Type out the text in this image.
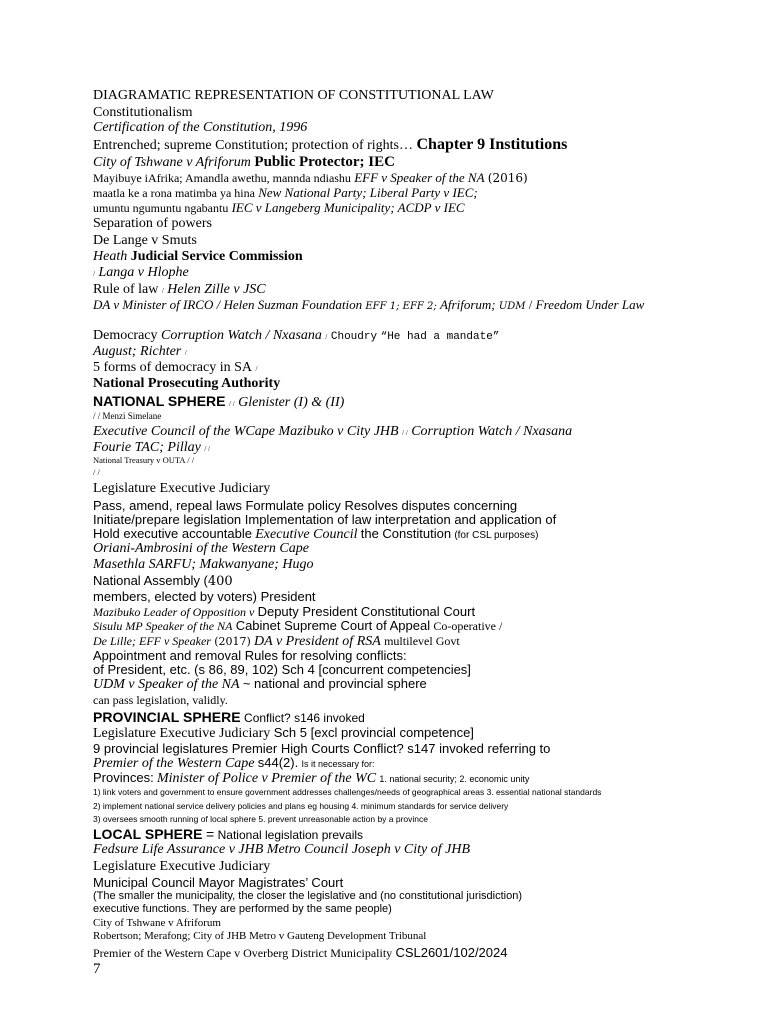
DIAGRAMATIC REPRESENTATION OF CONSTITUTIONAL LAW
Constitutionalism
Certification of the Constitution, 1996
Entrenched; supreme Constitution; protection of rights… Chapter 9 Institutions
City of Tshwane v Afriforum Public Protector; IEC
Mayibuye iAfrika; Amandla awethu, mannda ndiashu EFF v Speaker of the NA (2016)
maatla ke a rona matimba ya hina New National Party; Liberal Party v IEC;
umuntu ngumuntu ngabantu IEC v Langeberg Municipality; ACDP v IEC
Separation of powers
De Lange v Smuts
Heath Judicial Service Commission
/ Langa v Hlophe
Rule of law / Helen Zille v JSC
DA v Minister of IRCO / Helen Suzman Foundation EFF 1; EFF 2; Afriforum; UDM / Freedom Under Law
Democracy Corruption Watch / Nxasana / Choudry “He had a mandate”
August; Richter /
5 forms of democracy in SA /
National Prosecuting Authority
NATIONAL SPHERE / / Glenister (I) & (II)
/ / Menzi Simelane
Executive Council of the WCape Mazibuko v City JHB / / Corruption Watch / Nxasana
Fourie TAC; Pillay / /
National Treasury v OUTA / /
/ /
Legislature Executive Judiciary
Pass, amend, repeal laws Formulate policy Resolves disputes concerning
Initiate/prepare legislation Implementation of law interpretation and application of
Hold executive accountable Executive Council the Constitution (for CSL purposes)
Oriani-Ambrosini of the Western Cape
Masethla SARFU; Makwanyane; Hugo
National Assembly (400
members, elected by voters) President
Mazibuko Leader of Opposition v Deputy President Constitutional Court
Sisulu MP Speaker of the NA Cabinet Supreme Court of Appeal Co-operative /
De Lille; EFF v Speaker (2017) DA v President of RSA multilevel Govt
Appointment and removal Rules for resolving conflicts:
of President, etc. (s 86, 89, 102) Sch 4 [concurrent competencies]
UDM v Speaker of the NA ~ national and provincial sphere
can pass legislation, validly.
PROVINCIAL SPHERE Conflict? s146 invoked
Legislature Executive Judiciary Sch 5 [excl provincial competence]
9 provincial legislatures Premier High Courts Conflict? s147 invoked referring to
Premier of the Western Cape s44(2). Is it necessary for:
Provinces: Minister of Police v Premier of the WC 1. national security; 2. economic unity
1) link voters and government to ensure government addresses challenges/needs of geographical areas 3. essential national standards
2) implement national service delivery policies and plans eg housing 4. minimum standards for service delivery
3) oversees smooth running of local sphere 5. prevent unreasonable action by a province
LOCAL SPHERE = National legislation prevails
Fedsure Life Assurance v JHB Metro Council Joseph v City of JHB
Legislature Executive Judiciary
Municipal Council Mayor Magistrates’ Court
(The smaller the municipality, the closer the legislative and (no constitutional jurisdiction)
executive functions. They are performed by the same people)
City of Tshwane v Afriforum
Robertson; Merafong; City of JHB Metro v Gauteng Development Tribunal
Premier of the Western Cape v Overberg District Municipality CSL2601/102/2024
7
